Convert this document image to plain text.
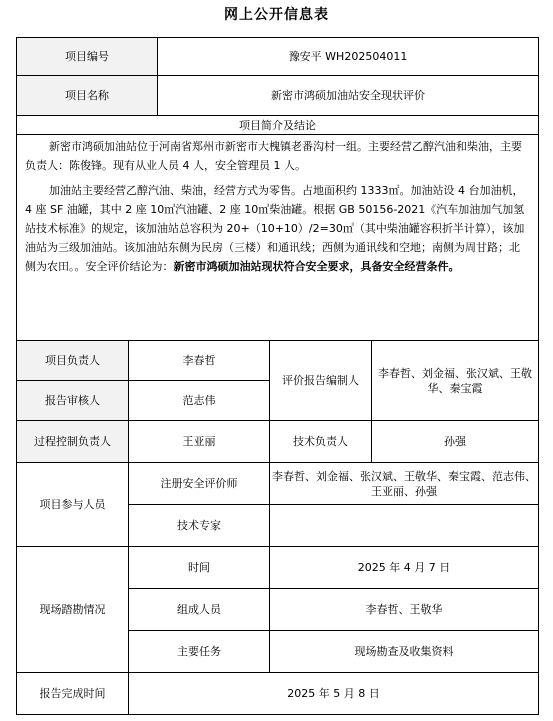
网上公开信息表
项目编号		豫安平 WH202504011		
项目名称		新密市鸿硕加油站安全现状评价		
项目简介及结论				

新密市鸿硕加油站位于河南省郑州市新密市大槐镇老番沟村一组。主要经营乙醇汽油和柴油，主要负责人：陈俊锋。现有从业人员 4 人，安全管理员 1 人。

加油站主要经营乙醇汽油、柴油，经营方式为零售。占地面积约 1333㎡。加油站设 4 台加油机，4 座 SF 油罐，其中 2 座 10㎥汽油罐、2 座 10㎥柴油罐。根据 GB 50156-2021《汽车加油加气加氢站技术标准》的规定，该加油站总容积为 20+（10+10）/2=30㎥（其中柴油罐容积折半计算），该加油站为三级加油站。该加油站东侧为民房（三楼）和通讯线；西侧为通讯线和空地；南侧为周甘路；北侧为农田。。安全评价结论为：新密市鸿硕加油站现状符合安全要求，具备安全经营条件。				

项目负责人	李春哲		评价报告编制人	李春哲、刘金福、张汉斌、王敬华、秦宝霞
报告审核人	范志伟			
过程控制负责人	王亚丽		技术负责人	孙强
项目参与人员	注册安全评价师		李春哲、刘金福、张汉斌、王敬华、秦宝霞、范志伟、王亚丽、孙强	
	技术专家			
现场踏勘情况	时间		2025 年 4 月 7 日	
	组成人员		李春哲、王敬华	
	主要任务		现场勘查及收集资料	
报告完成时间	2025 年 5 月 8 日			
